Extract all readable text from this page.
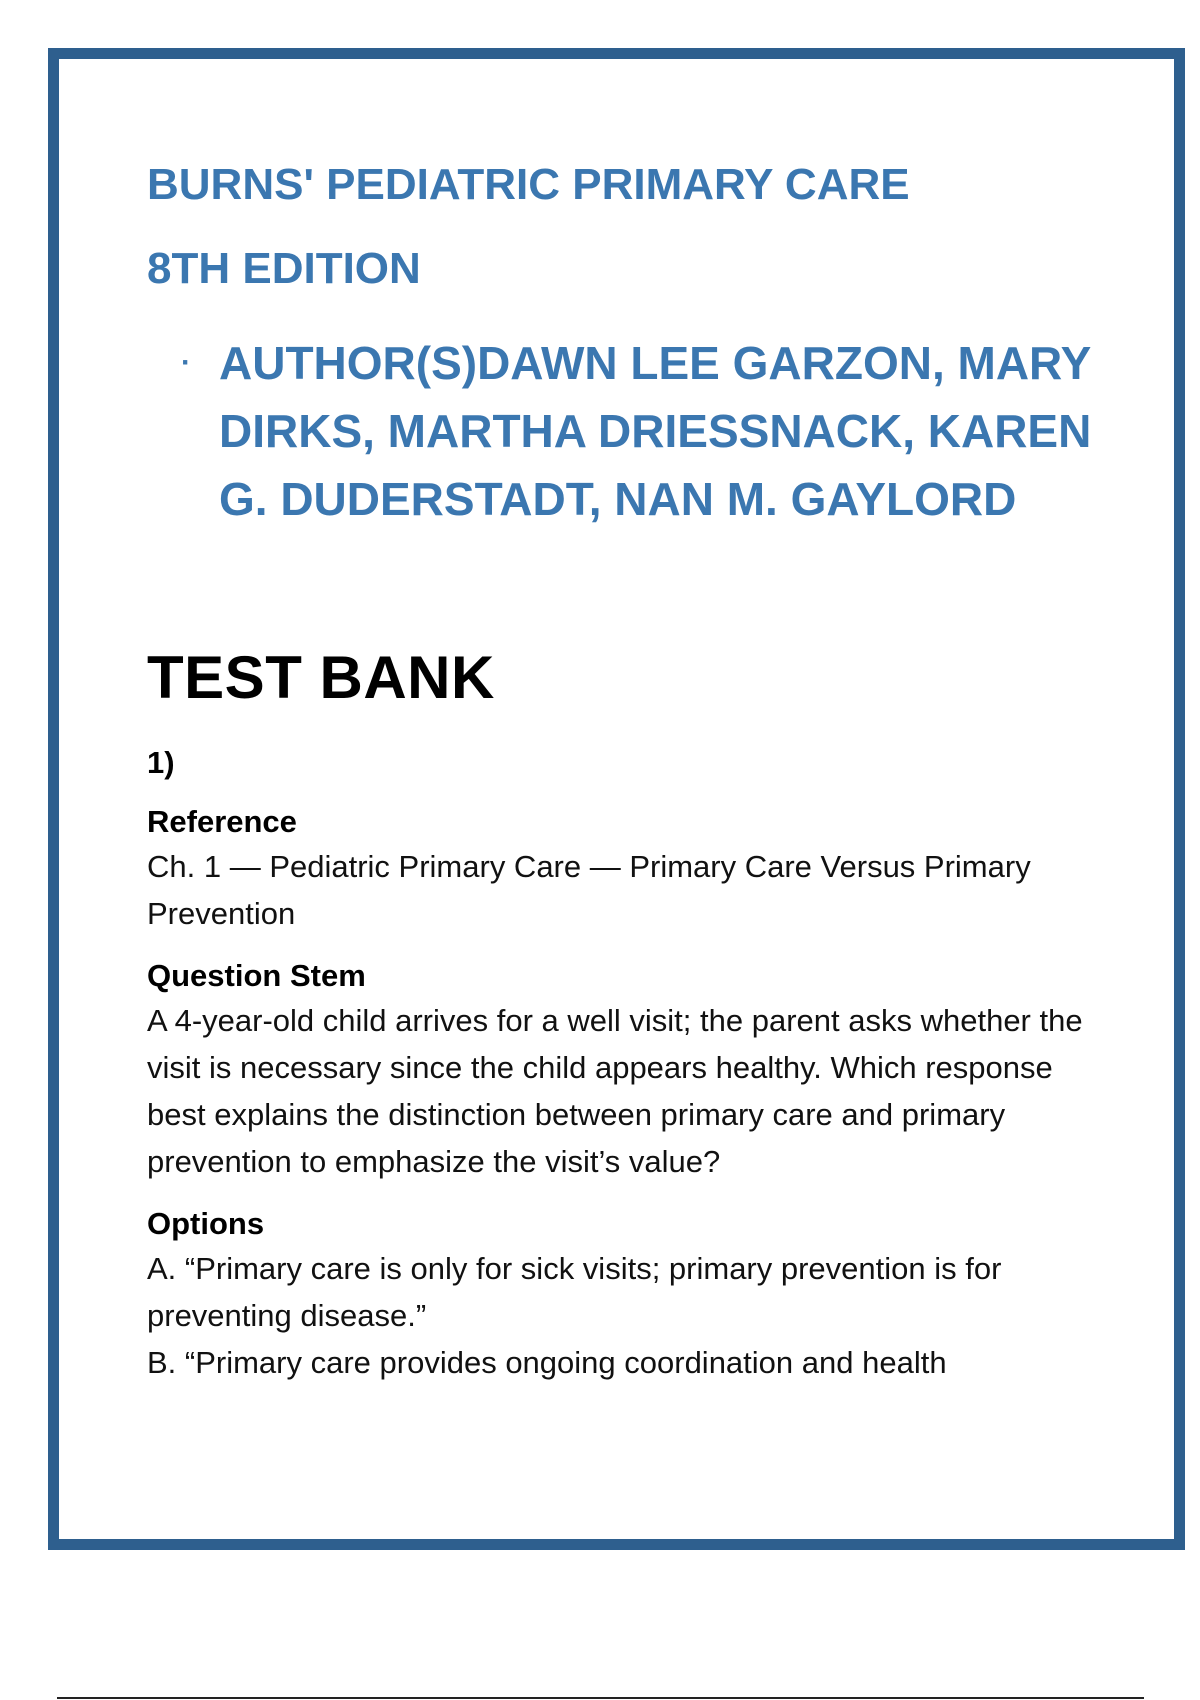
BURNS' PEDIATRIC PRIMARY CARE
8TH EDITION
· AUTHOR(S)DAWN LEE GARZON, MARY DIRKS, MARTHA DRIESSNACK, KAREN G. DUDERSTADT, NAN M. GAYLORD

TEST BANK
1)
Reference
Ch. 1 — Pediatric Primary Care — Primary Care Versus Primary Prevention
Question Stem
A 4-year-old child arrives for a well visit; the parent asks whether the visit is necessary since the child appears healthy. Which response best explains the distinction between primary care and primary prevention to emphasize the visit’s value?
Options
A. “Primary care is only for sick visits; primary prevention is for preventing disease.”
B. “Primary care provides ongoing coordination and health
